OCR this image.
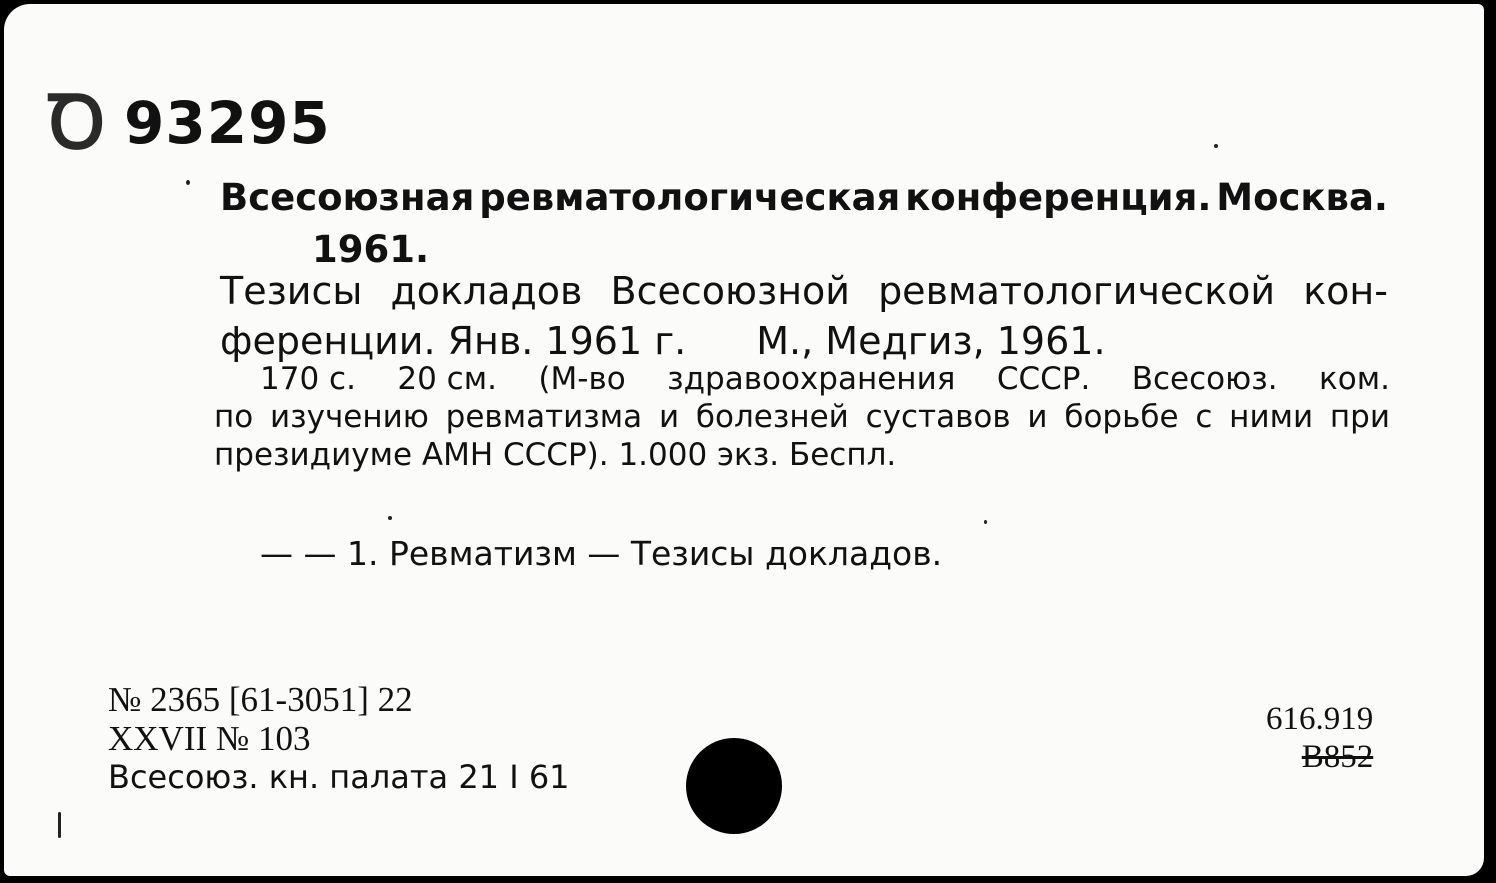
Ꝺ 93295
Всесоюзная ревматологическая конференция. Москва.
1961.
Тезисы докладов Всесоюзной ревматологической кон-
ференции. Янв. 1961 г. М., Медгиз, 1961.
170 с. 20 см. (М-во здравоохранения СССР. Всесоюз. ком.
по изучению ревматизма и болезней суставов и борьбе с ними при
президиуме АМН СССР). 1.000 экз. Беспл.
— — 1. Ревматизм — Тезисы докладов.
№ 2365 [61-3051] 22
XXVII № 103
Всесоюз. кн. палата 21 I 61
616.919
В852
